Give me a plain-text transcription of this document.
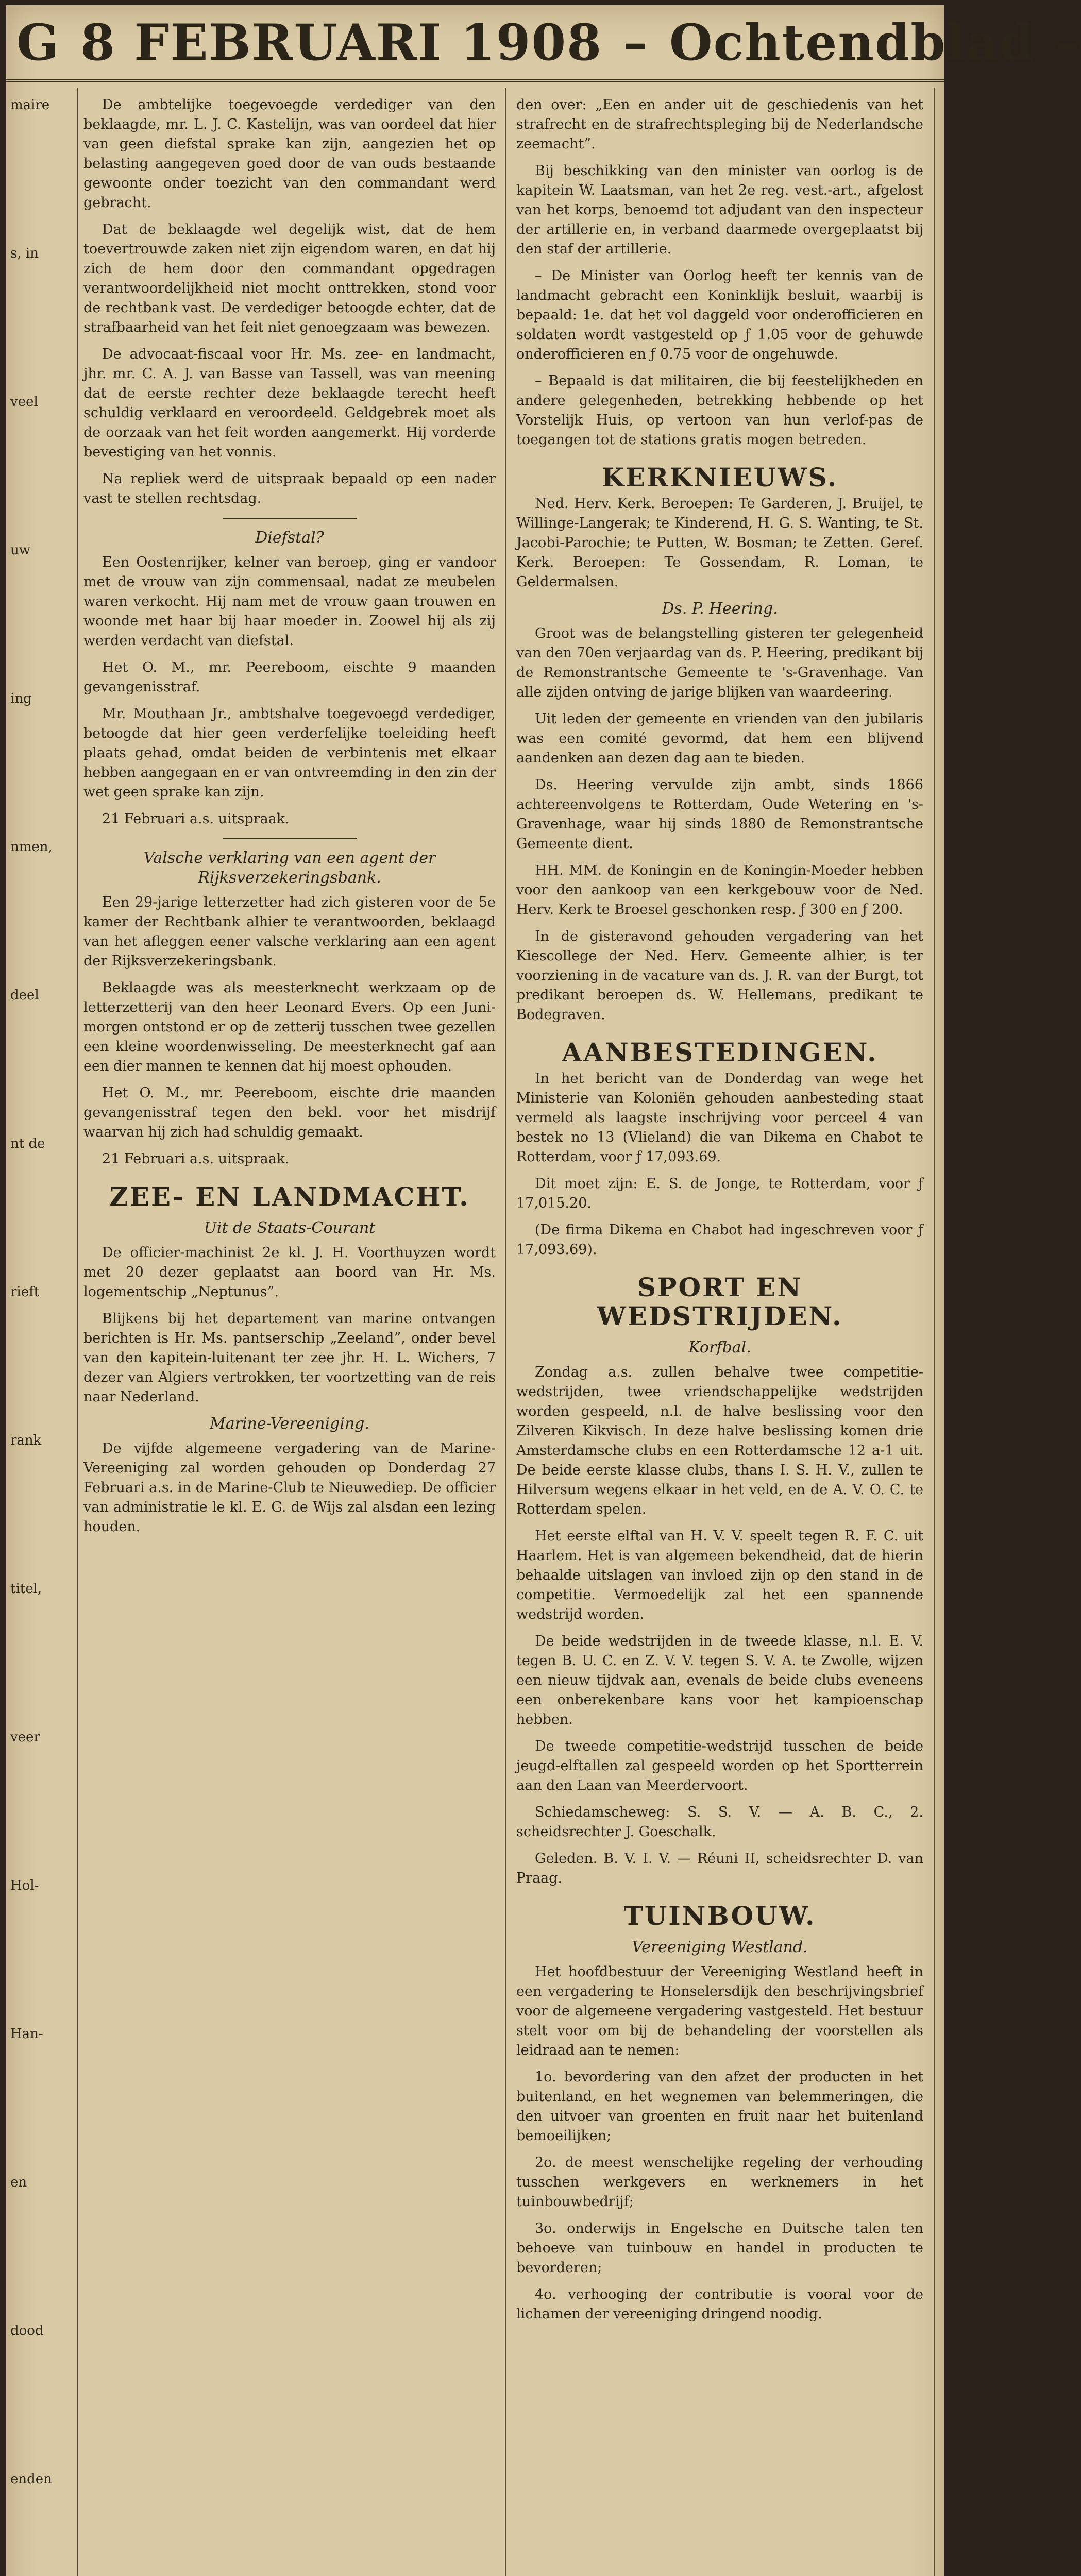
G 8 FEBRUARI 1908 – Ochtendblad –
maire
s, in
veel
uw
ing
nmen,
deel
nt de
rieft
rank
titel,
veer
Hol-
Han-
en
dood
enden

De ambtelijke toegevoegde verdediger van den beklaagde, mr. L. J. C. Kastelijn, was van oordeel dat hier van geen diefstal sprake kan zijn, aangezien het op belasting aangegeven goed door de van ouds bestaande gewoonte onder toezicht van den commandant werd gebracht.

Dat de beklaagde wel degelijk wist, dat de hem toevertrouwde zaken niet zijn eigendom waren, en dat hij zich de hem door den commandant opgedragen verantwoordelijkheid niet mocht onttrekken, stond voor de rechtbank vast. De verdediger betoogde echter, dat de strafbaarheid van het feit niet genoegzaam was bewezen.

De advocaat-fiscaal voor Hr. Ms. zee- en landmacht, jhr. mr. C. A. J. van Basse van Tassell, was van meening dat de eerste rechter deze beklaagde terecht heeft schuldig verklaard en veroordeeld. Geldgebrek moet als de oorzaak van het feit worden aangemerkt. Hij vorderde bevestiging van het vonnis.

Na repliek werd de uitspraak bepaald op een nader vast te stellen rechtsdag.

Diefstal?

Een Oostenrijker, kelner van beroep, ging er vandoor met de vrouw van zijn commensaal, nadat ze meubelen waren verkocht. Hij nam met de vrouw gaan trouwen en woonde met haar bij haar moeder in. Zoowel hij als zij werden verdacht van diefstal.

Het O. M., mr. Peereboom, eischte 9 maanden gevangenisstraf.

Mr. Mouthaan Jr., ambtshalve toegevoegd verdediger, betoogde dat hier geen verderfelijke toeleiding heeft plaats gehad, omdat beiden de verbintenis met elkaar hebben aangegaan en er van ontvreemding in den zin der wet geen sprake kan zijn.

21 Februari a.s. uitspraak.

Valsche verklaring van een agent der Rijksverzekeringsbank.

Een 29-jarige letterzetter had zich gisteren voor de 5e kamer der Rechtbank alhier te verantwoorden, beklaagd van het afleggen eener valsche verklaring aan een agent der Rijksverzekeringsbank.

Beklaagde was als meesterknecht werkzaam op de letterzetterij van den heer Leonard Evers. Op een Juni-morgen ontstond er op de zetterij tusschen twee gezellen een kleine woordenwisseling. De meesterknecht gaf aan een dier mannen te kennen dat hij moest ophouden.

Het O. M., mr. Peereboom, eischte drie maanden gevangenisstraf tegen den bekl. voor het misdrijf waarvan hij zich had schuldig gemaakt.

21 Februari a.s. uitspraak.

ZEE- EN LANDMACHT.
Uit de Staats-Courant

De officier-machinist 2e kl. J. H. Voorthuyzen wordt met 20 dezer geplaatst aan boord van Hr. Ms. logementschip „Neptunus”.

Blijkens bij het departement van marine ontvangen berichten is Hr. Ms. pantserschip „Zeeland”, onder bevel van den kapitein-luitenant ter zee jhr. H. L. Wichers, 7 dezer van Algiers vertrokken, ter voortzetting van de reis naar Nederland.

Marine-Vereeniging.

De vijfde algemeene vergadering van de Marine-Vereeniging zal worden gehouden op Donderdag 27 Februari a.s. in de Marine-Club te Nieuwediep. De officier van administratie le kl. E. G. de Wijs zal alsdan een lezing houden.

den over: „Een en ander uit de geschiedenis van het strafrecht en de strafrechtspleging bij de Nederlandsche zeemacht”.

Bij beschikking van den minister van oorlog is de kapitein W. Laatsman, van het 2e reg. vest.-art., afgelost van het korps, benoemd tot adjudant van den inspecteur der artillerie en, in verband daarmede overgeplaatst bij den staf der artillerie.

– De Minister van Oorlog heeft ter kennis van de landmacht gebracht een Koninklijk besluit, waarbij is bepaald: 1e. dat het vol daggeld voor onderofficieren en soldaten wordt vastgesteld op ƒ 1.05 voor de gehuwde onderofficieren en ƒ 0.75 voor de ongehuwde.

– Bepaald is dat militairen, die bij feestelijkheden en andere gelegenheden, betrekking hebbende op het Vorstelijk Huis, op vertoon van hun verlof-pas de toegangen tot de stations gratis mogen betreden.

KERKNIEUWS.

Ned. Herv. Kerk. Beroepen: Te Garderen, J. Bruijel, te Willinge-Langerak; te Kinderend, H. G. S. Wanting, te St. Jacobi-Parochie; te Putten, W. Bosman; te Zetten. Geref. Kerk. Beroepen: Te Gossendam, R. Loman, te Geldermalsen.

Ds. P. Heering.

Groot was de belangstelling gisteren ter gelegenheid van den 70en verjaardag van ds. P. Heering, predikant bij de Remonstrantsche Gemeente te 's-Gravenhage. Van alle zijden ontving de jarige blijken van waardeering.

Uit leden der gemeente en vrienden van den jubilaris was een comité gevormd, dat hem een blijvend aandenken aan dezen dag aan te bieden.

Ds. Heering vervulde zijn ambt, sinds 1866 achtereenvolgens te Rotterdam, Oude Wetering en 's-Gravenhage, waar hij sinds 1880 de Remonstrantsche Gemeente dient.

HH. MM. de Koningin en de Koningin-Moeder hebben voor den aankoop van een kerkgebouw voor de Ned. Herv. Kerk te Broesel geschonken resp. ƒ 300 en ƒ 200.

In de gisteravond gehouden vergadering van het Kiescollege der Ned. Herv. Gemeente alhier, is ter voorziening in de vacature van ds. J. R. van der Burgt, tot predikant beroepen ds. W. Hellemans, predikant te Bodegraven.

AANBESTEDINGEN.

In het bericht van de Donderdag van wege het Ministerie van Koloniën gehouden aanbesteding staat vermeld als laagste inschrijving voor perceel 4 van bestek no 13 (Vlieland) die van Dikema en Chabot te Rotterdam, voor ƒ 17,093.69.

Dit moet zijn: E. S. de Jonge, te Rotterdam, voor ƒ 17,015.20.

(De firma Dikema en Chabot had ingeschreven voor ƒ 17,093.69).

SPORT EN WEDSTRIJDEN.
Korfbal.

Zondag a.s. zullen behalve twee competitie-wedstrijden, twee vriendschappelijke wedstrijden worden gespeeld, n.l. de halve beslissing voor den Zilveren Kikvisch. In deze halve beslissing komen drie Amsterdamsche clubs en een Rotterdamsche 12 a-1 uit. De beide eerste klasse clubs, thans I. S. H. V., zullen te Hilversum wegens elkaar in het veld, en de A. V. O. C. te Rotterdam spelen.

Het eerste elftal van H. V. V. speelt tegen R. F. C. uit Haarlem. Het is van algemeen bekendheid, dat de hierin behaalde uitslagen van invloed zijn op den stand in de competitie. Vermoedelijk zal het een spannende wedstrijd worden.

De beide wedstrijden in de tweede klasse, n.l. E. V. tegen B. U. C. en Z. V. V. tegen S. V. A. te Zwolle, wijzen een nieuw tijdvak aan, evenals de beide clubs eveneens een onberekenbare kans voor het kampioenschap hebben.

De tweede competitie-wedstrijd tusschen de beide jeugd-elftallen zal gespeeld worden op het Sportterrein aan den Laan van Meerdervoort.

Schiedamscheweg: S. S. V. — A. B. C., 2. scheidsrechter J. Goeschalk.

Geleden. B. V. I. V. — Réuni II, scheidsrechter D. van Praag.

TUINBOUW.
Vereeniging Westland.

Het hoofdbestuur der Vereeniging Westland heeft in een vergadering te Honselersdijk den beschrijvingsbrief voor de algemeene vergadering vastgesteld. Het bestuur stelt voor om bij de behandeling der voorstellen als leidraad aan te nemen:

1o. bevordering van den afzet der producten in het buitenland, en het wegnemen van belemmeringen, die den uitvoer van groenten en fruit naar het buitenland bemoeilijken;

2o. de meest wenschelijke regeling der verhouding tusschen werkgevers en werknemers in het tuinbouwbedrijf;

3o. onderwijs in Engelsche en Duitsche talen ten behoeve van tuinbouw en handel in producten te bevorderen;

4o. verhooging der contributie is vooral voor de lichamen der vereeniging dringend noodig.
